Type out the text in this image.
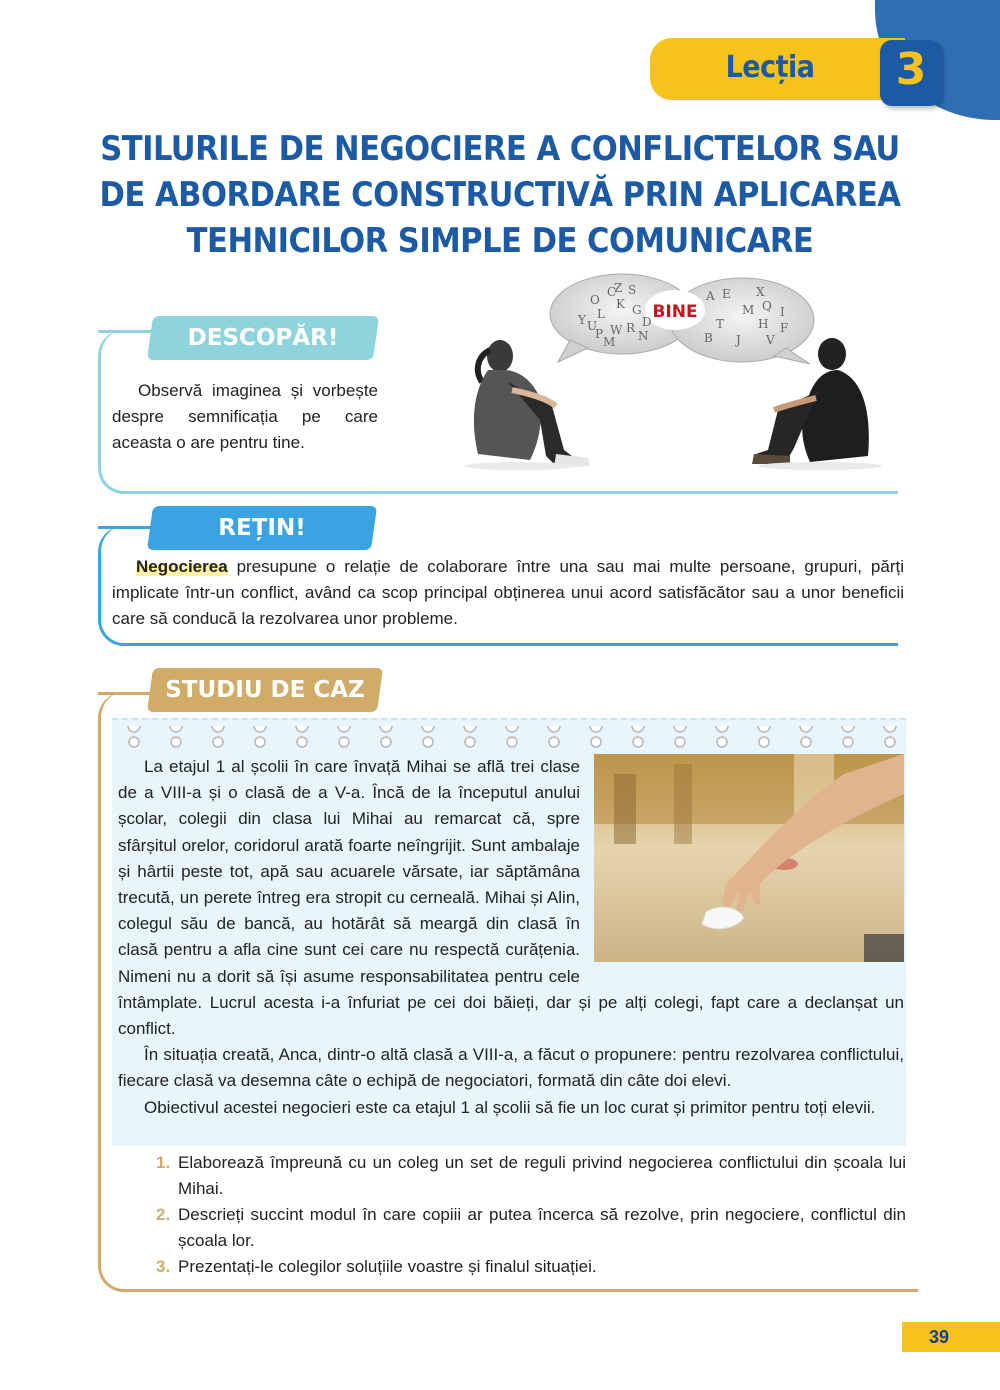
Lecția	3
STILURILE DE NEGOCIERE A CONFLICTELOR SAU
DE ABORDARE CONSTRUCTIVĂ PRIN APLICAREA
TEHNICILOR SIMPLE DE COMUNICARE
DESCOPĂR!

Observă imaginea și vorbește despre semnificația pe care aceasta o are pentru tine.

BINE
O
C S
Z
K
L
Y
G
U
P W R
N
D
M
A E X
M Q I
T	H F
B J V
REȚIN!

Negocierea presupune o relație de colaborare între una sau mai multe persoane, grupuri, părți implicate într-un conflict, având ca scop principal obținerea unui acord satisfăcător sau a unor beneficii care să conducă la rezolvarea unor probleme.

STUDIU DE CAZ

La etajul 1 al școlii în care învață Mihai se află trei clase de a VIII-a și o clasă de a V-a. Încă de la începutul anului școlar, colegii din clasa lui Mihai au remarcat că, spre sfârșitul orelor, coridorul arată foarte neîngrijit. Sunt ambalaje și hârtii peste tot, apă sau acuarele vărsate, iar săptămâna trecută, un perete întreg era stropit cu cerneală. Mihai și Alin, colegul său de bancă, au hotărât să meargă din clasă în clasă pentru a afla cine sunt cei care nu respectă curățenia. Nimeni nu a dorit să își asume responsabilitatea pentru cele întâmplate. Lucrul acesta i-a înfuriat pe cei doi băieți, dar și pe alți colegi, fapt care a declanșat un conflict.

În situația creată, Anca, dintr-o altă clasă a VIII-a, a făcut o propunere: pentru rezolvarea conflictului, fiecare clasă va desemna câte o echipă de negociatori, formată din câte doi elevi.

Obiectivul acestei negocieri este ca etajul 1 al școlii să fie un loc curat și primitor pentru toți elevii.

1. Elaborează împreună cu un coleg un set de reguli privind negocierea conflictului din școala lui Mihai.
2. Descrieți succint modul în care copiii ar putea încerca să rezolve, prin negociere, conflictul din școala lor.
3. Prezentați-le colegilor soluțiile voastre și finalul situației.
39
